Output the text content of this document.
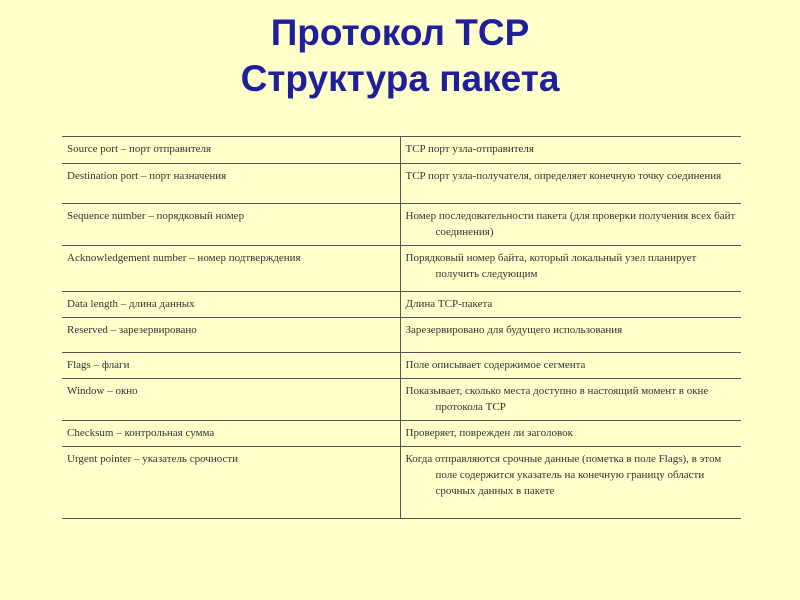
Протокол TCP
Структура пакета
Source port – порт отправителя	TCP порт узла-отправителя
Destination port – порт назначения	TCP порт узла-получателя, определяет конечную точку соединения
Sequence number – порядковый номер	Номер последовательности пакета (для проверки получения всех байт соединения)
Acknowledgement number – номер подтверждения	Порядковый номер байта, который локальный узел планирует получить следующим
Data length – длина данных	Длина TCP-пакета
Reserved – зарезервировано	Зарезервировано для будущего использования
Flags – флаги	Поле описывает содержимое сегмента
Window – окно	Показывает, сколько места доступно в настоящий момент в окне протокола TCP
Checksum – контрольная сумма	Проверяет, поврежден ли заголовок
Urgent pointer – указатель срочности	Когда отправляются срочные данные (пометка в поле Flags), в этом поле содержится указатель на конечную границу области срочных данных в пакете
